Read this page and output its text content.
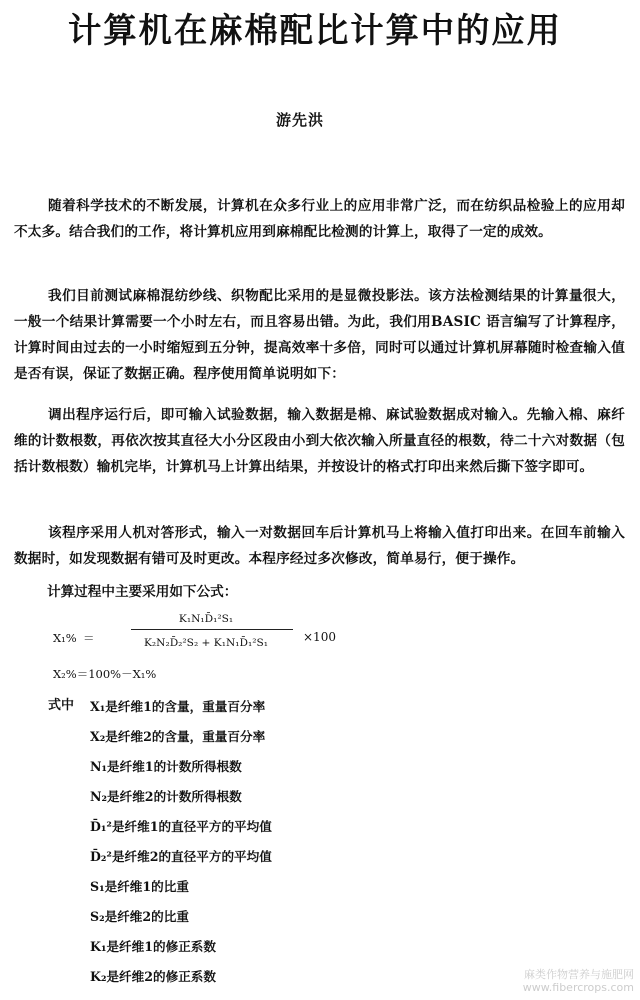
计算机在麻棉配比计算中的应用
游先洪
随着科学技术的不断发展，计算机在众多行业上的应用非常广泛，而在纺织品检验上的应用却不太多。结合我们的工作，将计算机应用到麻棉配比检测的计算上，取得了一定的成效。
我们目前测试麻棉混纺纱线、织物配比采用的是显微投影法。该方法检测结果的计算量很大，一般一个结果计算需要一个小时左右，而且容易出错。为此，我们用BASIC 语言编写了计算程序，计算时间由过去的一小时缩短到五分钟，提高效率十多倍，同时可以通过计算机屏幕随时检查输入值是否有误，保证了数据正确。程序使用简单说明如下：
调出程序运行后，即可输入试验数据，输入数据是棉、麻试验数据成对输入。先输入棉、麻纤维的计数根数，再依次按其直径大小分区段由小到大依次输入所量直径的根数，待二十六对数据（包括计数根数）输机完毕，计算机马上计算出结果，并按设计的格式打印出来然后撕下签字即可。
该程序采用人机对答形式，输入一对数据回车后计算机马上将输入值打印出来。在回车前输入数据时，如发现数据有错可及时更改。本程序经过多次修改，简单易行，便于操作。
计算过程中主要采用如下公式：
X₁% ＝
K₁N₁D̄₁²S₁
K₂N₂D̄₂²S₂ + K₁N₁D̄₁²S₁	×100
X₂%＝100%－X₁%
式中 X₁是纤维1的含量，重量百分率
X₂是纤维2的含量，重量百分率
N₁是纤维1的计数所得根数
N₂是纤维2的计数所得根数
D̄₁²是纤维1的直径平方的平均值
D̄₂²是纤维2的直径平方的平均值
S₁是纤维1的比重
S₂是纤维2的比重
K₁是纤维1的修正系数
K₂是纤维2的修正系数	麻类作物营养与施肥网
www.fibercrops.com
